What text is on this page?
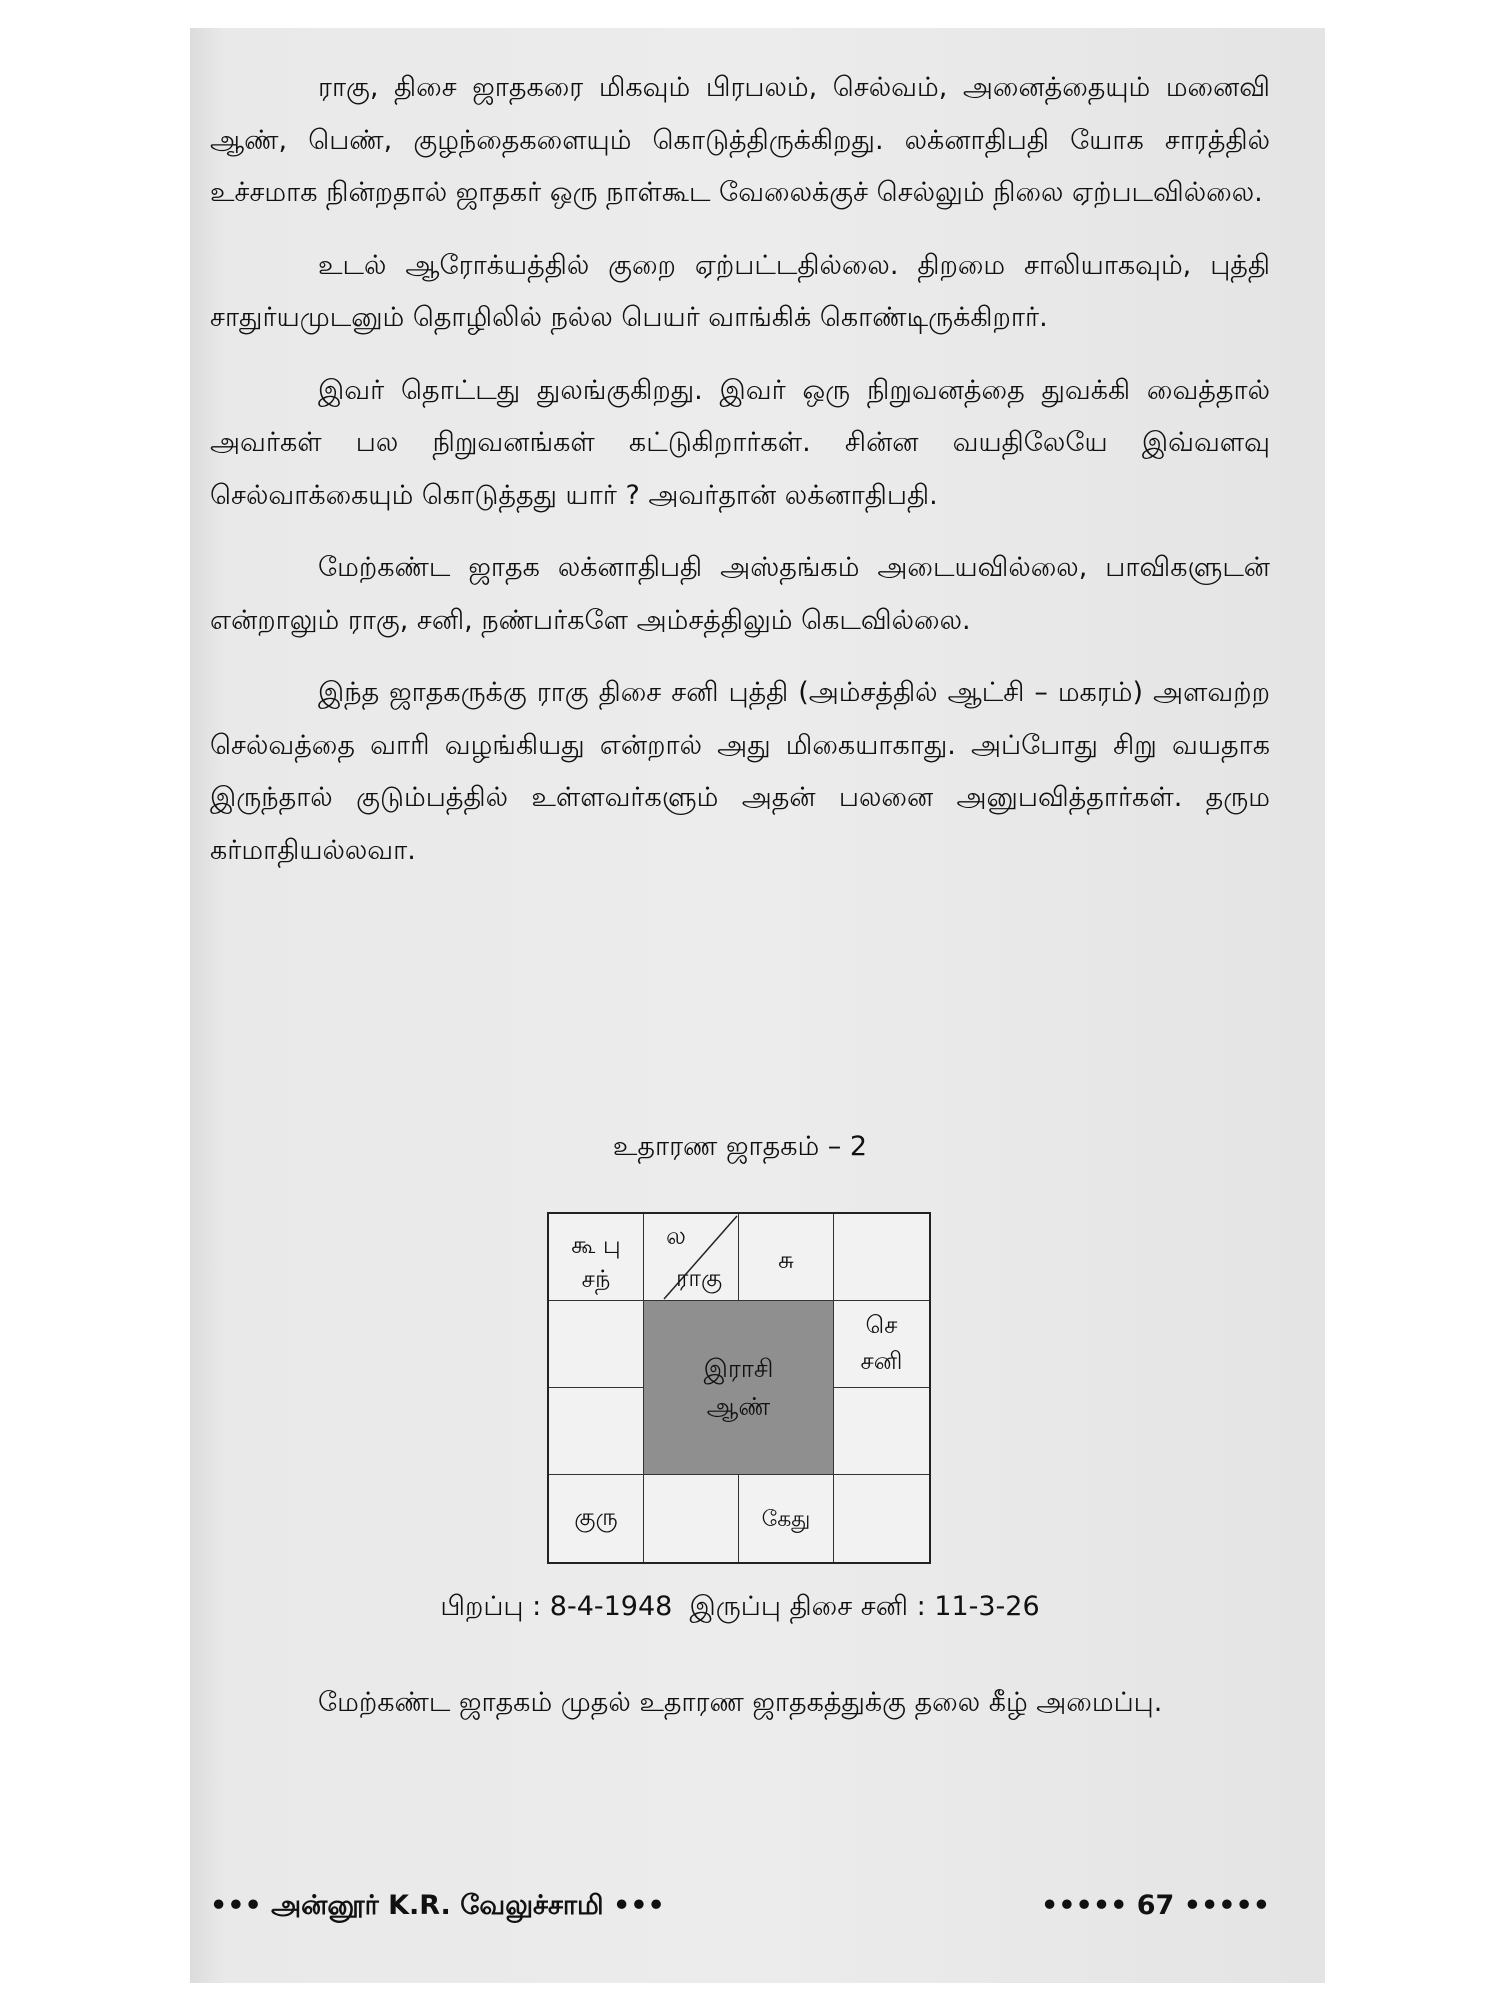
ராகு, திசை ஜாதகரை மிகவும் பிரபலம், செல்வம், அனைத்தையும் மனைவி ஆண், பெண், குழந்தைகளையும் கொடுத்திருக்கிறது. லக்னாதிபதி யோக சாரத்தில் உச்சமாக நின்றதால் ஜாதகர் ஒரு நாள்கூட வேலைக்குச் செல்லும் நிலை ஏற்படவில்லை.

உடல் ஆரோக்யத்தில் குறை ஏற்பட்டதில்லை. திறமை சாலியாகவும், புத்தி சாதுர்யமுடனும் தொழிலில் நல்ல பெயர் வாங்கிக் கொண்டிருக்கிறார்.

இவர் தொட்டது துலங்குகிறது. இவர் ஒரு நிறுவனத்தை துவக்கி வைத்தால் அவர்கள் பல நிறுவனங்கள் கட்டுகிறார்கள். சின்ன வயதிலேயே இவ்வளவு செல்வாக்கையும் கொடுத்தது யார் ? அவர்தான் லக்னாதிபதி.

மேற்கண்ட ஜாதக லக்னாதிபதி அஸ்தங்கம் அடையவில்லை, பாவிகளுடன் என்றாலும் ராகு, சனி, நண்பர்களே அம்சத்திலும் கெடவில்லை.

இந்த ஜாதகருக்கு ராகு திசை சனி புத்தி (அம்சத்தில் ஆட்சி – மகரம்) அளவற்ற செல்வத்தை வாரி வழங்கியது என்றால் அது மிகையாகாது. அப்போது சிறு வயதாக இருந்தால் குடும்பத்தில் உள்ளவர்களும் அதன் பலனை அனுபவித்தார்கள். தரும கர்மாதியல்லவா.

உதாரண ஜாதகம் – 2
கூ பு
சந்
ல
ராகு
சு
செ
சனி
குரு	கேது
இராசி
ஆண்
பிறப்பு : 8-4-1948  இருப்பு திசை சனி : 11-3-26

மேற்கண்ட ஜாதகம் முதல் உதாரண ஜாதகத்துக்கு தலை கீழ் அமைப்பு.

••• அன்னூர் K.R. வேலுச்சாமி •••	••••• 67 •••••
